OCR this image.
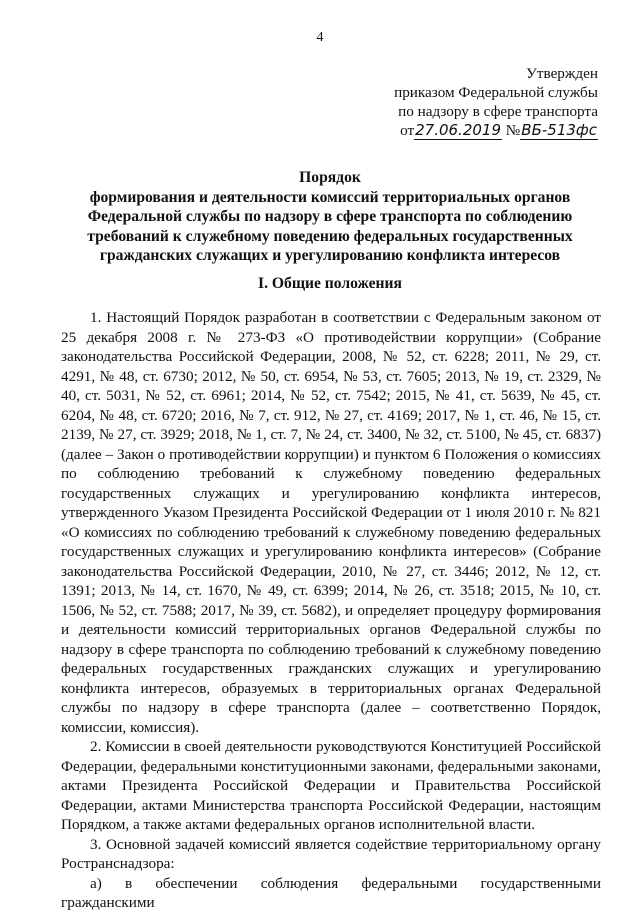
4
Утвержден
приказом Федеральной службы
по надзору в сфере транспорта
от27.06.2019 №ВБ-513фс
Порядок
формирования и деятельности комиссий территориальных органов
Федеральной службы по надзору в сфере транспорта по соблюдению
требований к служебному поведению федеральных государственных
гражданских служащих и урегулированию конфликта интересов
I. Общие положения

1. Настоящий Порядок разработан в соответствии с Федеральным законом от 25 декабря 2008 г. № 273-ФЗ «О противодействии коррупции» (Собрание законодательства Российской Федерации, 2008, № 52, ст. 6228; 2011, № 29, ст. 4291, № 48, ст. 6730; 2012, № 50, ст. 6954, № 53, ст. 7605; 2013, № 19, ст. 2329, № 40, ст. 5031, № 52, ст. 6961; 2014, № 52, ст. 7542; 2015, № 41, ст. 5639, № 45, ст. 6204, № 48, ст. 6720; 2016, № 7, ст. 912, № 27, ст. 4169; 2017, № 1, ст. 46, № 15, ст. 2139, № 27, ст. 3929; 2018, № 1, ст. 7, № 24, ст. 3400, № 32, ст. 5100, № 45, ст. 6837) (далее – Закон о противодействии коррупции) и пунктом 6 Положения о комиссиях по соблюдению требований к служебному поведению федеральных государственных служащих и урегулированию конфликта интересов, утвержденного Указом Президента Российской Федерации от 1 июля 2010 г. № 821 «О комиссиях по соблюдению требований к служебному поведению федеральных государственных служащих и урегулированию конфликта интересов» (Собрание законодательства Российской Федерации, 2010, № 27, ст. 3446; 2012, № 12, ст. 1391; 2013, № 14, ст. 1670, № 49, ст. 6399; 2014, № 26, ст. 3518; 2015, № 10, ст. 1506, № 52, ст. 7588; 2017, № 39, ст. 5682), и определяет процедуру формирования и деятельности комиссий территориальных органов Федеральной службы по надзору в сфере транспорта по соблюдению требований к служебному поведению федеральных государственных гражданских служащих и урегулированию конфликта интересов, образуемых в территориальных органах Федеральной службы по надзору в сфере транспорта (далее – соответственно Порядок, комиссии, комиссия).

2. Комиссии в своей деятельности руководствуются Конституцией Российской Федерации, федеральными конституционными законами, федеральными законами, актами Президента Российской Федерации и Правительства Российской Федерации, актами Министерства транспорта Российской Федерации, настоящим Порядком, а также актами федеральных органов исполнительной власти.

3. Основной задачей комиссий является содействие территориальному органу Ространснадзора:

а) в обеспечении соблюдения федеральными государственными гражданскими
